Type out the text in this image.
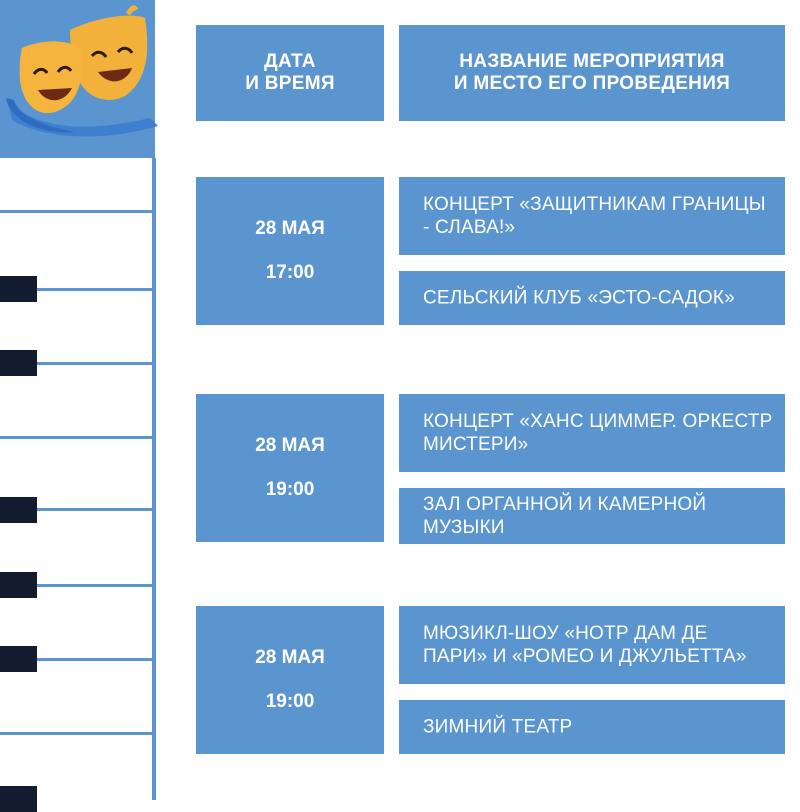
ДАТА
И ВРЕМЯ
НАЗВАНИЕ МЕРОПРИЯТИЯ
И МЕСТО ЕГО ПРОВЕДЕНИЯ
28 МАЯ
17:00
КОНЦЕРТ «ЗАЩИТНИКАМ ГРАНИЦЫ - СЛАВА!»
СЕЛЬСКИЙ КЛУБ «ЭСТО-САДОК»
28 МАЯ
19:00
КОНЦЕРТ «ХАНС ЦИММЕР. ОРКЕСТР МИСТЕРИ»
ЗАЛ ОРГАННОЙ И КАМЕРНОЙ МУЗЫКИ
28 МАЯ
19:00
МЮЗИКЛ-ШОУ «НОТР ДАМ ДЕ ПАРИ» И «РОМЕО И ДЖУЛЬЕТТА»
ЗИМНИЙ ТЕАТР
